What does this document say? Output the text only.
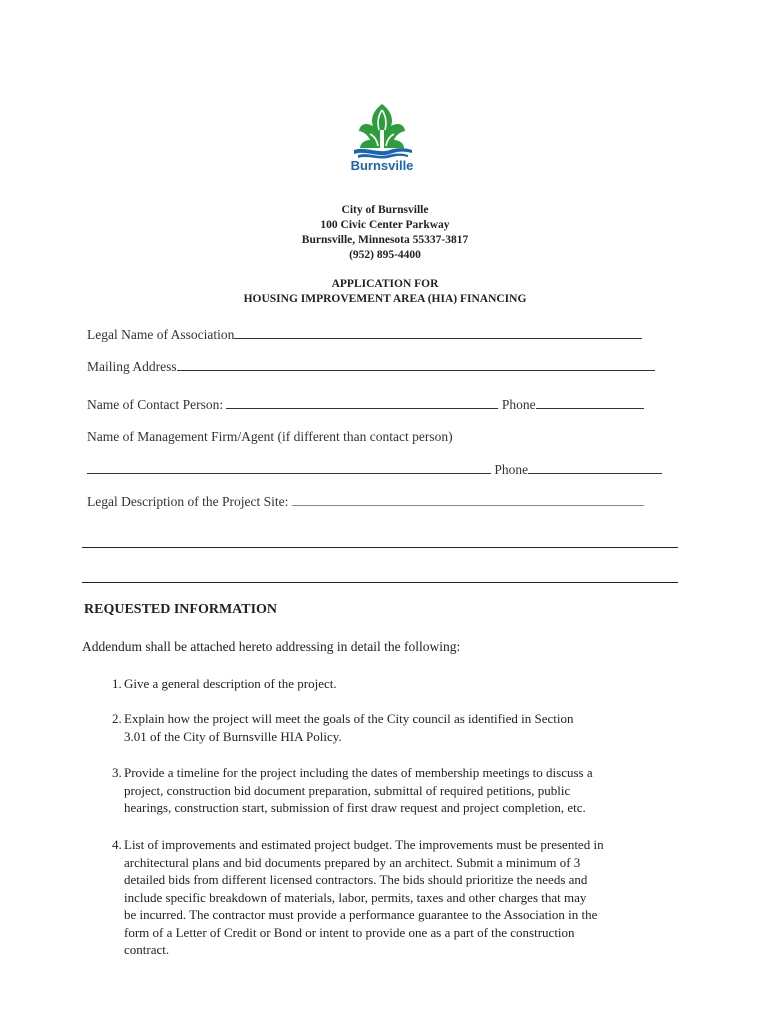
Burnsville
City of Burnsville
100 Civic Center Parkway
Burnsville, Minnesota 55337-3817
(952) 895-4400
APPLICATION FOR
HOUSING IMPROVEMENT AREA (HIA) FINANCING
Legal Name of Association
Mailing Address
Name of Contact Person:	Phone
Name of Management Firm/Agent (if different than contact person)
Phone
Legal Description of the Project Site:
REQUESTED INFORMATION
Addendum shall be attached hereto addressing in detail the following:
1. Give a general description of the project.
2. Explain how the project will meet the goals of the City council as identified in Section
3.01 of the City of Burnsville HIA Policy.
3. Provide a timeline for the project including the dates of membership meetings to discuss a
project, construction bid document preparation, submittal of required petitions, public
hearings, construction start, submission of first draw request and project completion, etc.
4. List of improvements and estimated project budget. The improvements must be presented in
architectural plans and bid documents prepared by an architect. Submit a minimum of 3
detailed bids from different licensed contractors. The bids should prioritize the needs and
include specific breakdown of materials, labor, permits, taxes and other charges that may
be incurred. The contractor must provide a performance guarantee to the Association in the
form of a Letter of Credit or Bond or intent to provide one as a part of the construction
contract.
